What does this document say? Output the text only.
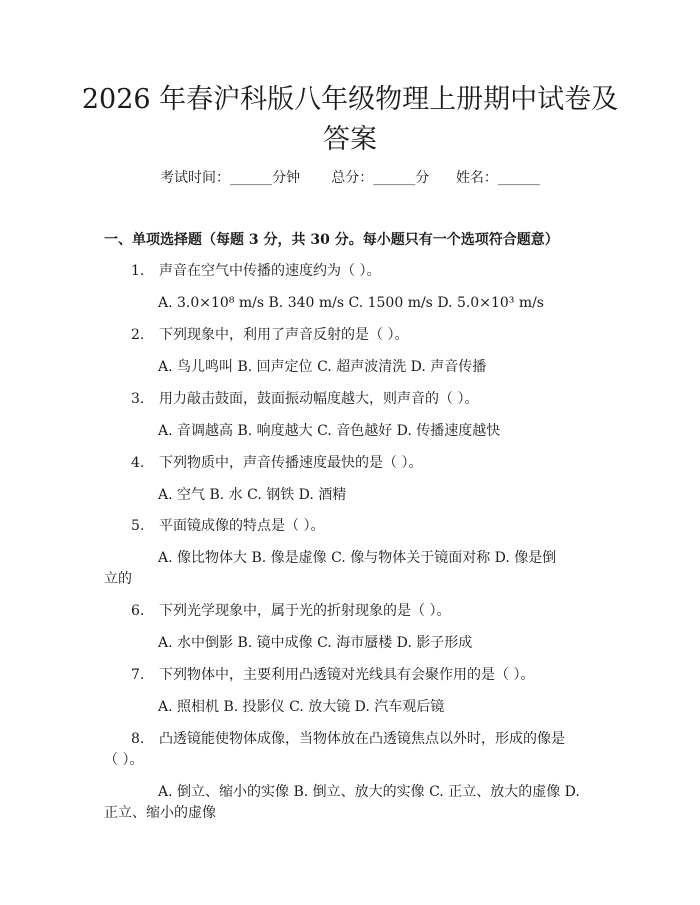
2026 年春沪科版八年级物理上册期中试卷及
答案
考试时间：______分钟 总分：______分 姓名：______
一、单项选择题（每题 3 分，共 30 分。每小题只有一个选项符合题意）
1. 声音在空气中传播的速度约为（ ）。
A. 3.0×10⁸ m/s B. 340 m/s C. 1500 m/s D. 5.0×10³ m/s
2. 下列现象中，利用了声音反射的是（ ）。
A. 鸟儿鸣叫 B. 回声定位 C. 超声波清洗 D. 声音传播
3. 用力敲击鼓面，鼓面振动幅度越大，则声音的（ ）。
A. 音调越高 B. 响度越大 C. 音色越好 D. 传播速度越快
4. 下列物质中，声音传播速度最快的是（ ）。
A. 空气 B. 水 C. 钢铁 D. 酒精
5. 平面镜成像的特点是（ ）。
A. 像比物体大 B. 像是虚像 C. 像与物体关于镜面对称 D. 像是倒
立的
6. 下列光学现象中，属于光的折射现象的是（ ）。
A. 水中倒影 B. 镜中成像 C. 海市蜃楼 D. 影子形成
7. 下列物体中，主要利用凸透镜对光线具有会聚作用的是（ ）。
A. 照相机 B. 投影仪 C. 放大镜 D. 汽车观后镜
8. 凸透镜能使物体成像，当物体放在凸透镜焦点以外时，形成的像是
（ ）。
A. 倒立、缩小的实像 B. 倒立、放大的实像 C. 正立、放大的虚像 D.
正立、缩小的虚像
